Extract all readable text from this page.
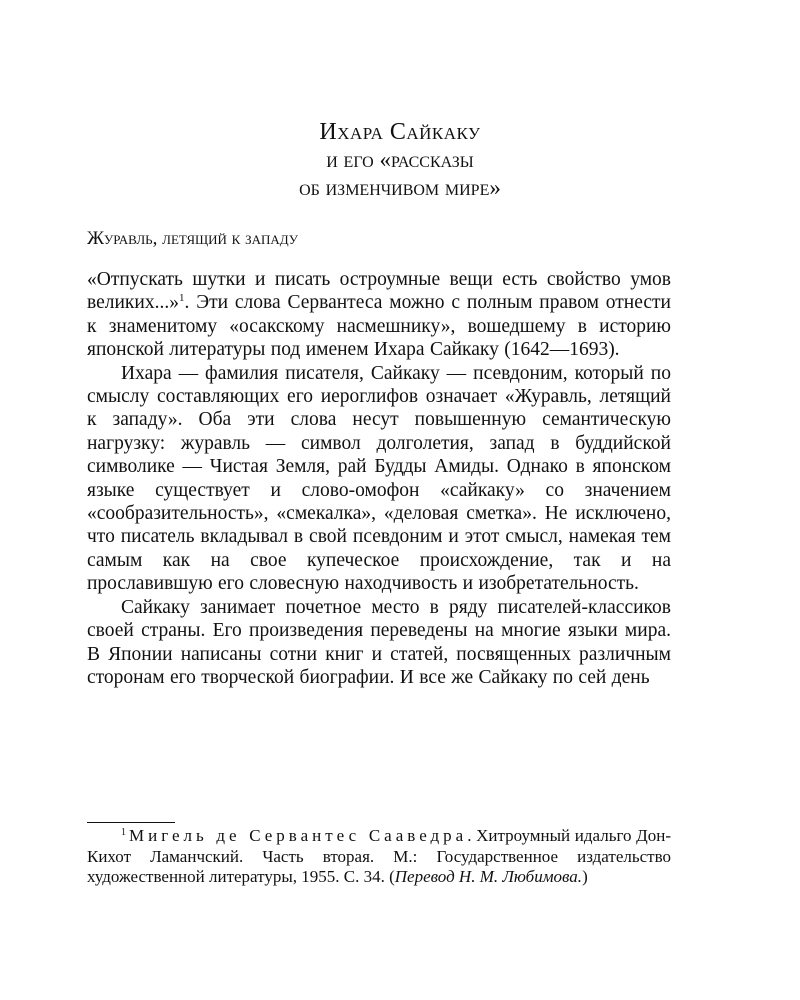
Ихара Сайкаку
и его «рассказы
об изменчивом мире»
Журавль, летящий к западу

«Отпускать шутки и писать остроумные вещи есть свойство умов великих...»$^1$. Эти слова Сервантеса можно с полным правом отнести к знаменитому «осакскому насмешнику», вошедшему в историю японской литературы под именем Ихара Сайкаку (1642—1693).

Ихара — фамилия писателя, Сайкаку — псевдоним, который по смыслу составляющих его иероглифов означает «Журавль, летящий к западу». Оба эти слова несут повышенную семантическую нагрузку: журавль — символ долголетия, запад в буддийской символике — Чистая Земля, рай Будды Амиды. Однако в японском языке существует и слово-омофон «сайкаку» со значением «сообразительность», «смекалка», «деловая сметка». Не исключено, что писатель вкладывал в свой псевдоним и этот смысл, намекая тем самым как на свое купеческое происхождение, так и на прославившую его словесную находчивость и изобретательность.

Сайкаку занимает почетное место в ряду писателей-классиков своей страны. Его произведения переведены на многие языки мира. В Японии написаны сотни книг и статей, посвященных различным сторонам его творческой биографии. И все же Сайкаку по сей день

$^1$ Мигель де Сервантес Сааведра. Хитроумный идальго Дон-Кихот Ламанчский. Часть вторая. М.: Государственное издательство художественной литературы, 1955. С. 34. (Перевод Н. М. Любимова.)
